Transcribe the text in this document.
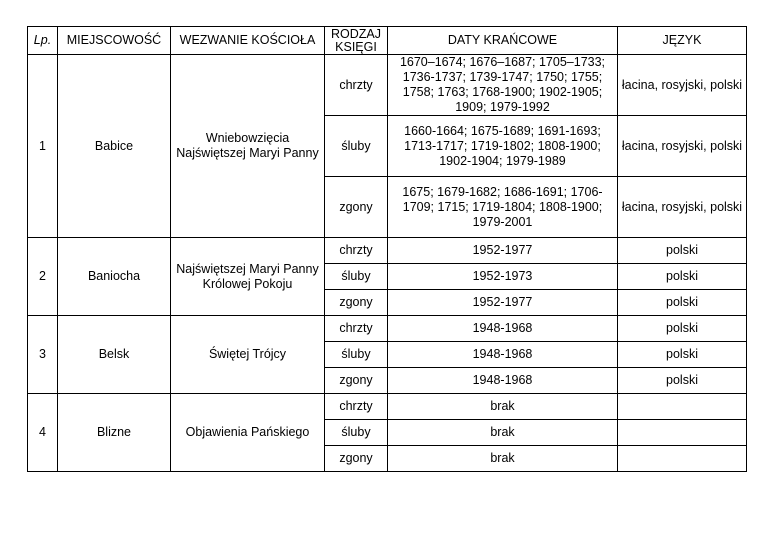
Lp.	MIEJSCOWOŚĆ	WEZWANIE KOŚCIOŁA	RODZAJ KSIĘGI	DATY KRAŃCOWE	JĘZYK
1	Babice	Wniebowzięcia Najświętszej Maryi Panny	chrzty	1670–1674; 1676–1687; 1705–1733; 1736-1737; 1739-1747; 1750; 1755; 1758; 1763; 1768-1900; 1902-1905; 1909; 1979-1992	łacina, rosyjski, polski
			śluby	1660-1664; 1675-1689; 1691-1693; 1713-1717; 1719-1802; 1808-1900; 1902-1904; 1979-1989	łacina, rosyjski, polski
			zgony	1675; 1679-1682; 1686-1691; 1706-1709; 1715; 1719-1804; 1808-1900; 1979-2001	łacina, rosyjski, polski
2	Baniocha	Najświętszej Maryi Panny Królowej Pokoju	chrzty	1952-1977	polski
			śluby	1952-1973	polski
			zgony	1952-1977	polski
3	Belsk	Świętej Trójcy	chrzty	1948-1968	polski
			śluby	1948-1968	polski
			zgony	1948-1968	polski
4	Blizne	Objawienia Pańskiego	chrzty	brak	
			śluby	brak	
			zgony	brak	
